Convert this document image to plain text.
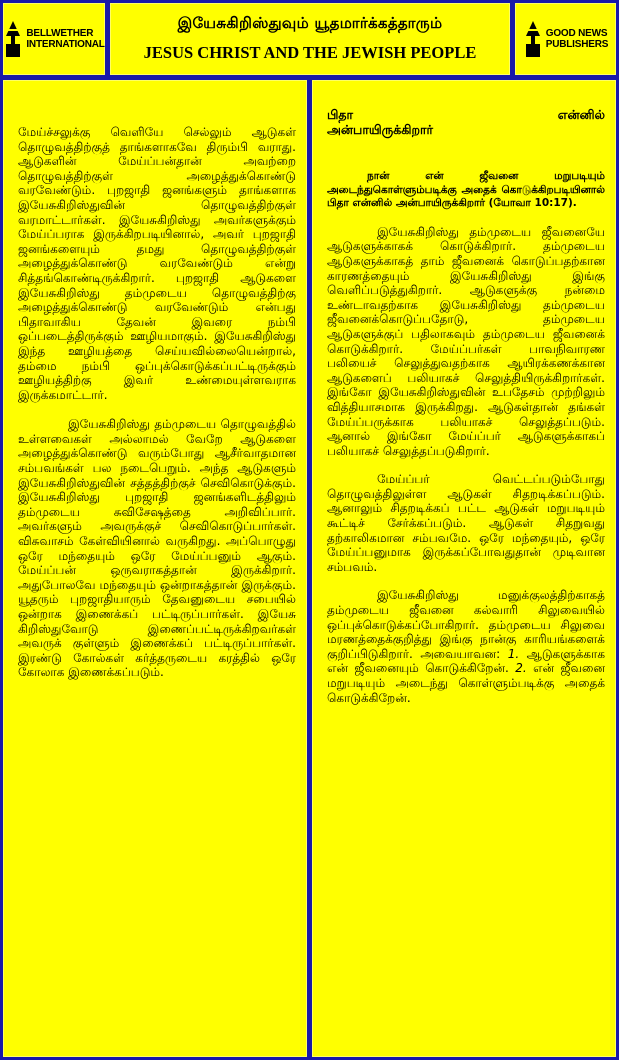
BELLWETHER
INTERNATIONAL
இயேசுகிறிஸ்துவும் யூதமார்க்கத்தாரும்
JESUS CHRIST AND THE JEWISH PEOPLE
GOOD NEWS
PUBLISHERS

மேய்ச்சலுக்கு வெளியே செல்லும் ஆடுகள் தொழுவத்திற்குத் தாங்களாகவே திரும்பி வராது. ஆடுகளின் மேய்ப்பன்தான் அவற்றை தொழுவத்திற்குள் அழைத்துக்கொண்டு வரவேண்டும். புறஜாதி ஜனங்களும் தாங்களாக இயேசுகிறிஸ்துவின் தொழுவத்திற்குள் வரமாட்டார்கள். இயேசுகிறிஸ்து அவர்களுக்கும் மேய்ப்பராக இருக்கிறபடியினால், அவர் புறஜாதி ஜனங்களையும் தமது தொழுவத்திற்குள் அழைத்துக்கொண்டு வரவேண்டும் என்று சித்தங்கொண்டிருக்கிறார். புறஜாதி ஆடுகளை இயேசுகிறிஸ்து தம்முடைய தொழுவத்திற்கு அழைத்துக்கொண்டு வரவேண்டும் என்பது பிதாவாகிய தேவன் இவரை நம்பி ஒப்படைத்திருக்கும் ஊழியமாகும். இயேசுகிறிஸ்து இந்த ஊழியத்தை செய்யவில்லையென்றால், தம்மை நம்பி ஒப்புக்கொடுக்கப்பட்டிருக்கும் ஊழியத்திற்கு இவர் உண்மையுள்ளவராக இருக்கமாட்டார்.

இயேசுகிறிஸ்து தம்முடைய தொழுவத்தில் உள்ளவைகள் அல்லாமல் வேறே ஆடுகளை அழைத்துக்கொண்டு வரும்போது ஆசீர்வாதமான சம்பவங்கள் பல நடைபெறும். அந்த ஆடுகளும் இயேசுகிறிஸ்துவின் சத்தத்திற்குச் செவிகொடுக்கும். இயேசுகிறிஸ்து புறஜாதி ஜனங்களிடத்திலும் தம்முடைய சுவிசேஷத்தை அறிவிப்பார். அவர்களும் அவருக்குச் செவிகொடுப்பார்கள். விசுவாசம் கேள்வியினால் வருகிறது. அப்பொழுது ஒரே மந்தையும் ஒரே மேய்ப்பனும் ஆகும். மேய்ப்பன் ஒருவராகத்தான் இருக்கிறார். அதுபோலவே மந்தையும் ஒன்றாகத்தான் இருக்கும். யூதரும் புறஜாதியாரும் தேவனுடைய சபையில் ஒன்றாக இணைக்கப் பட்டிருப்பார்கள். இயேசு கிறிஸ்துவோடு இணைப்பட்டிருக்கிறவர்கள் அவருக் குள்ளும் இணைக்கப் பட்டிருப்பார்கள். இரண்டு கோல்கள் கர்த்தருடைய கரத்தில் ஒரே கோலாக இணைக்கப்படும்.

பிதா	என்னில்
அன்பாயிருக்கிறார்

நான் என் ஜீவனை மறுபடியும் அடைந்துகொள்ளும்படிக்கு அதைக் கொடுக்கிறபடியினால் பிதா என்னில் அன்பாயிருக்கிறார் (யோவா 10:17).

இயேசுகிறிஸ்து தம்முடைய ஜீவனையே ஆடுகளுக்காகக் கொடுக்கிறார். தம்முடைய ஆடுகளுக்காகத் தாம் ஜீவனைக் கொடுப்பதற்கான காரணத்தையும் இயேசுகிறிஸ்து இங்கு வெளிப்படுத்துகிறார். ஆடுகளுக்கு நன்மை உண்டாவதற்காக இயேசுகிறிஸ்து தம்முடைய ஜீவனைக்கொடுப்பதோடு, தம்முடைய ஆடுகளுக்குப் பதிலாகவும் தம்முடைய ஜீவனைக் கொடுக்கிறார். மேய்ப்பர்கள் பாவநிவாரண பலியைச் செலுத்துவதற்காக ஆயிரக்கணக்கான ஆடுகளைப் பலியாகச் செலுத்தியிருக்கிறார்கள். இங்கோ இயேசுகிறிஸ்துவின் உபதேசம் முற்றிலும் வித்தியாசமாக இருக்கிறது. ஆடுகள்தான் தங்கள் மேய்ப்பருக்காக பலியாகச் செலுத்தப்படும். ஆனால் இங்கோ மேய்ப்பர் ஆடுகளுக்காகப் பலியாகச் செலுத்தப்படுகிறார்.

மேய்ப்பர் வெட்டப்படும்போது தொழுவத்திலுள்ள ஆடுகள் சிதறடிக்கப்படும். ஆனாலும் சிதறடிக்கப் பட்ட ஆடுகள் மறுபடியும் கூட்டிச் சேர்க்கப்படும். ஆடுகள் சிதறுவது தற்காலிகமான சம்பவமே. ஒரே மந்தையும், ஒரே மேய்ப்பனுமாக இருக்கப்போவதுதான் முடிவான சம்பவம்.

இயேசுகிறிஸ்து மனுக்குலத்திற்காகத் தம்முடைய ஜீவனை கல்வாரி சிலுவையில் ஒப்புக்கொடுக்கப்போகிறார். தம்முடைய சிலுவை மரணத்தைக்குறித்து இங்கு நான்கு காரியங்களைக் குறிப்பிடுகிறார். அவையாவன: 1. ஆடுகளுக்காக என் ஜீவனையும் கொடுக்கிறேன். 2. என் ஜீவனை மறுபடியும் அடைந்து கொள்ளும்படிக்கு அதைக் கொடுக்கிறேன்.
